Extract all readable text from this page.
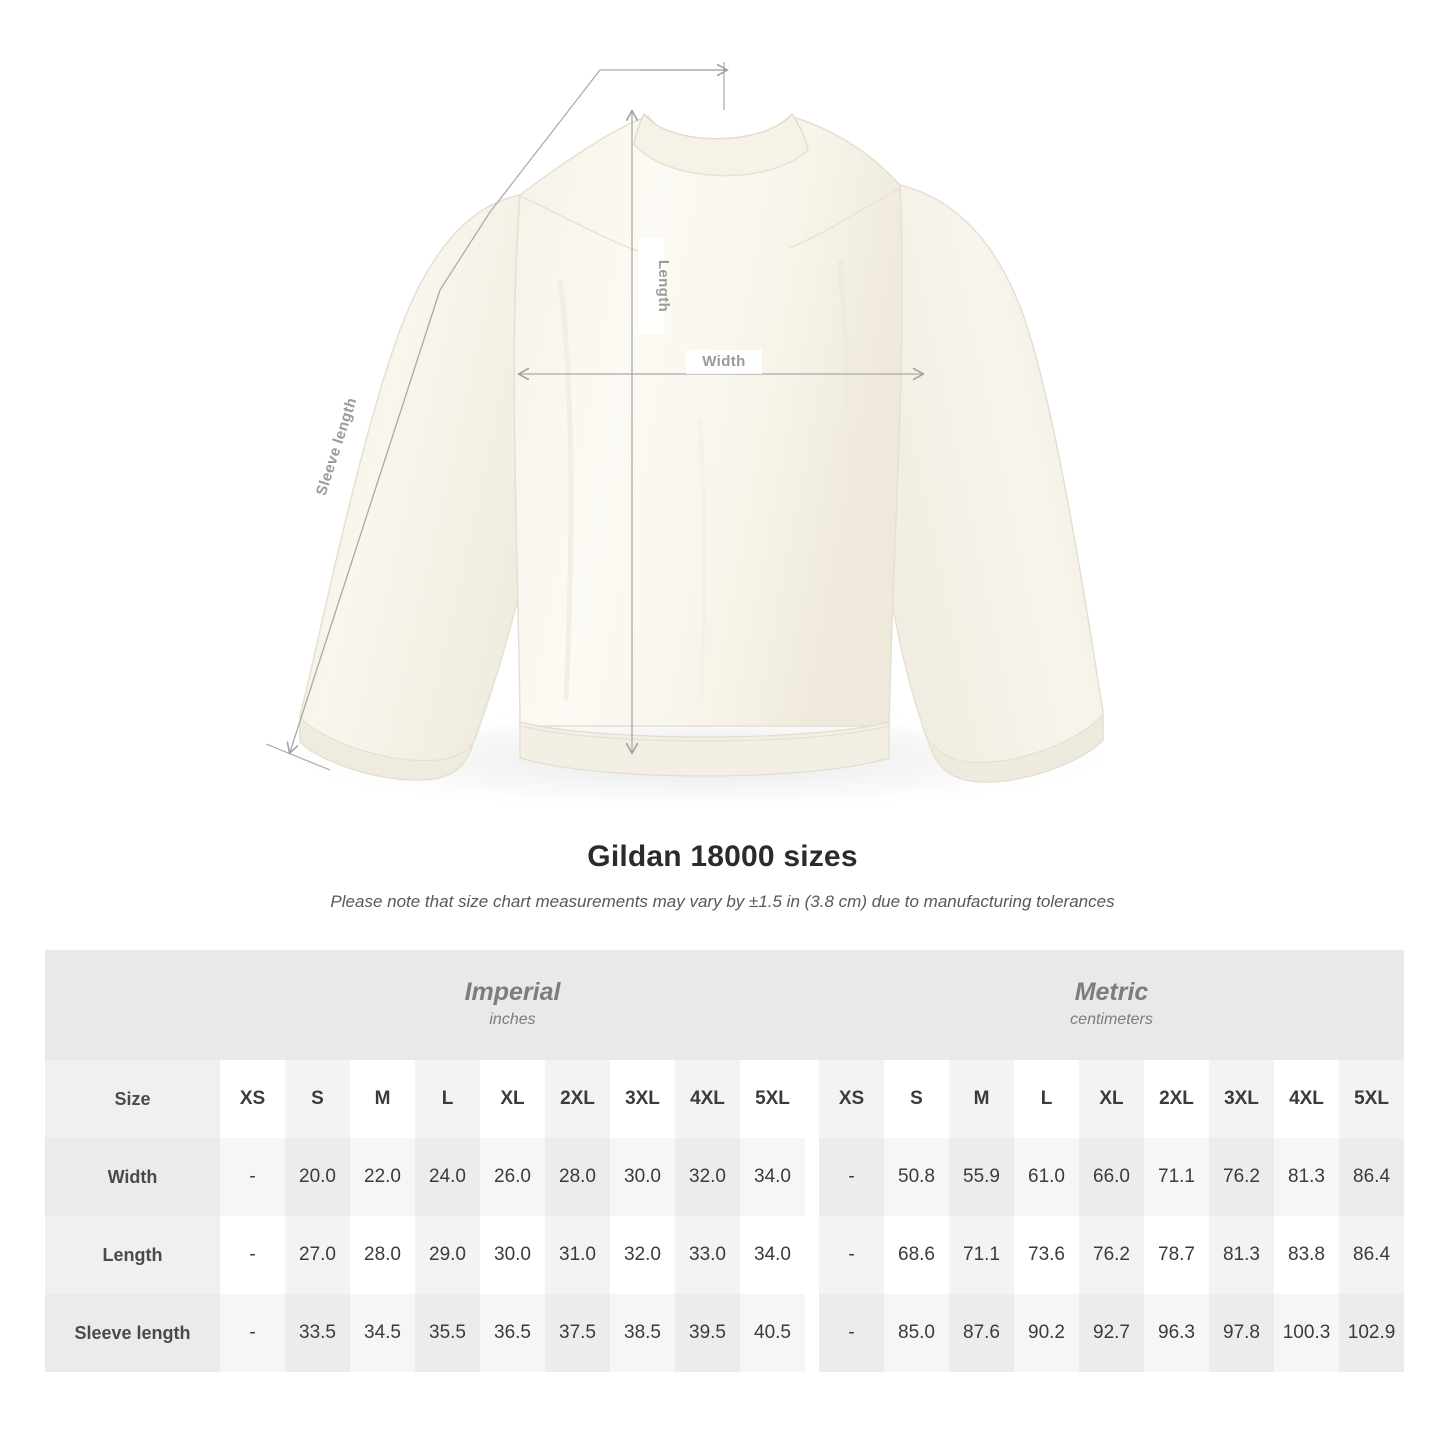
Length
Width
Sleeve length
Gildan 18000 sizes

Please note that size chart measurements may vary by ±1.5 in (3.8 cm) due to manufacturing tolerances

Imperial
inches

Metric
centimeters

Size	XS	S	M	L	XL	2XL	3XL	4XL	5XL		XS	S	M	L	XL	2XL	3XL	4XL	5XL
Width	-	20.0	22.0	24.0	26.0	28.0	30.0	32.0	34.0		-	50.8	55.9	61.0	66.0	71.1	76.2	81.3	86.4
Length	-	27.0	28.0	29.0	30.0	31.0	32.0	33.0	34.0		-	68.6	71.1	73.6	76.2	78.7	81.3	83.8	86.4
Sleeve length	-	33.5	34.5	35.5	36.5	37.5	38.5	39.5	40.5		-	85.0	87.6	90.2	92.7	96.3	97.8	100.3	102.9
